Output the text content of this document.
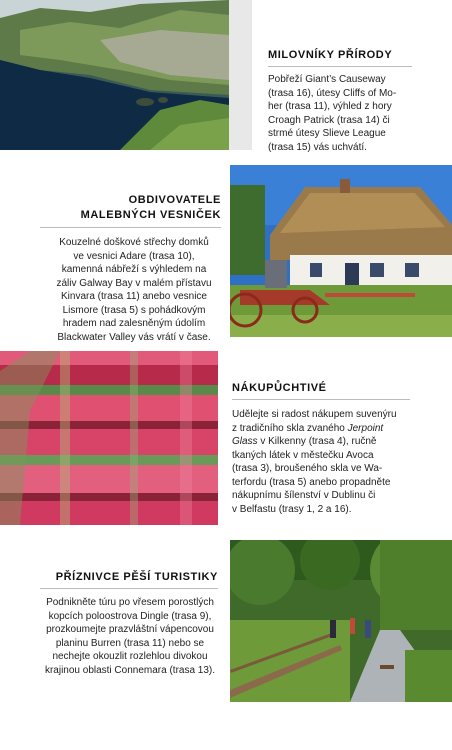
MILOVNÍKY PŘÍRODY
Pobřeží Giant’s Causeway
(trasa 16), útesy Cliffs of Mo-
her (trasa 11), výhled z hory
Croagh Patrick (trasa 14) či
strmé útesy Slieve League
(trasa 15) vás uchvátí.
OBDIVOVATELE
MALEBNÝCH VESNIČEK
Kouzelné doškové střechy domků
ve vesnici Adare (trasa 10),
kamenná nábřeží s výhledem na
záliv Galway Bay v malém přístavu
Kinvara (trasa 11) anebo vesnice
Lismore (trasa 5) s pohádkovým
hradem nad zalesněným údolím
Blackwater Valley vás vrátí v čase.
NÁKUPŮCHTIVÉ
Udělejte si radost nákupem suvenýru
z tradičního skla zvaného Jerpoint
Glass v Kilkenny (trasa 4), ručně
tkaných látek v městečku Avoca
(trasa 3), broušeného skla ve Wa-
terfordu (trasa 5) anebo propadněte
nákupnímu šílenství v Dublinu či
v Belfastu (trasy 1, 2 a 16).
PŘÍZNIVCE PĚŠÍ TURISTIKY
Podnikněte túru po vřesem porostlých
kopcích poloostrova Dingle (trasa 9),
prozkoumejte prazvláštní vápencovou
planinu Burren (trasa 11) nebo se
nechejte okouzlit rozlehlou divokou
krajinou oblasti Connemara (trasa 13).
